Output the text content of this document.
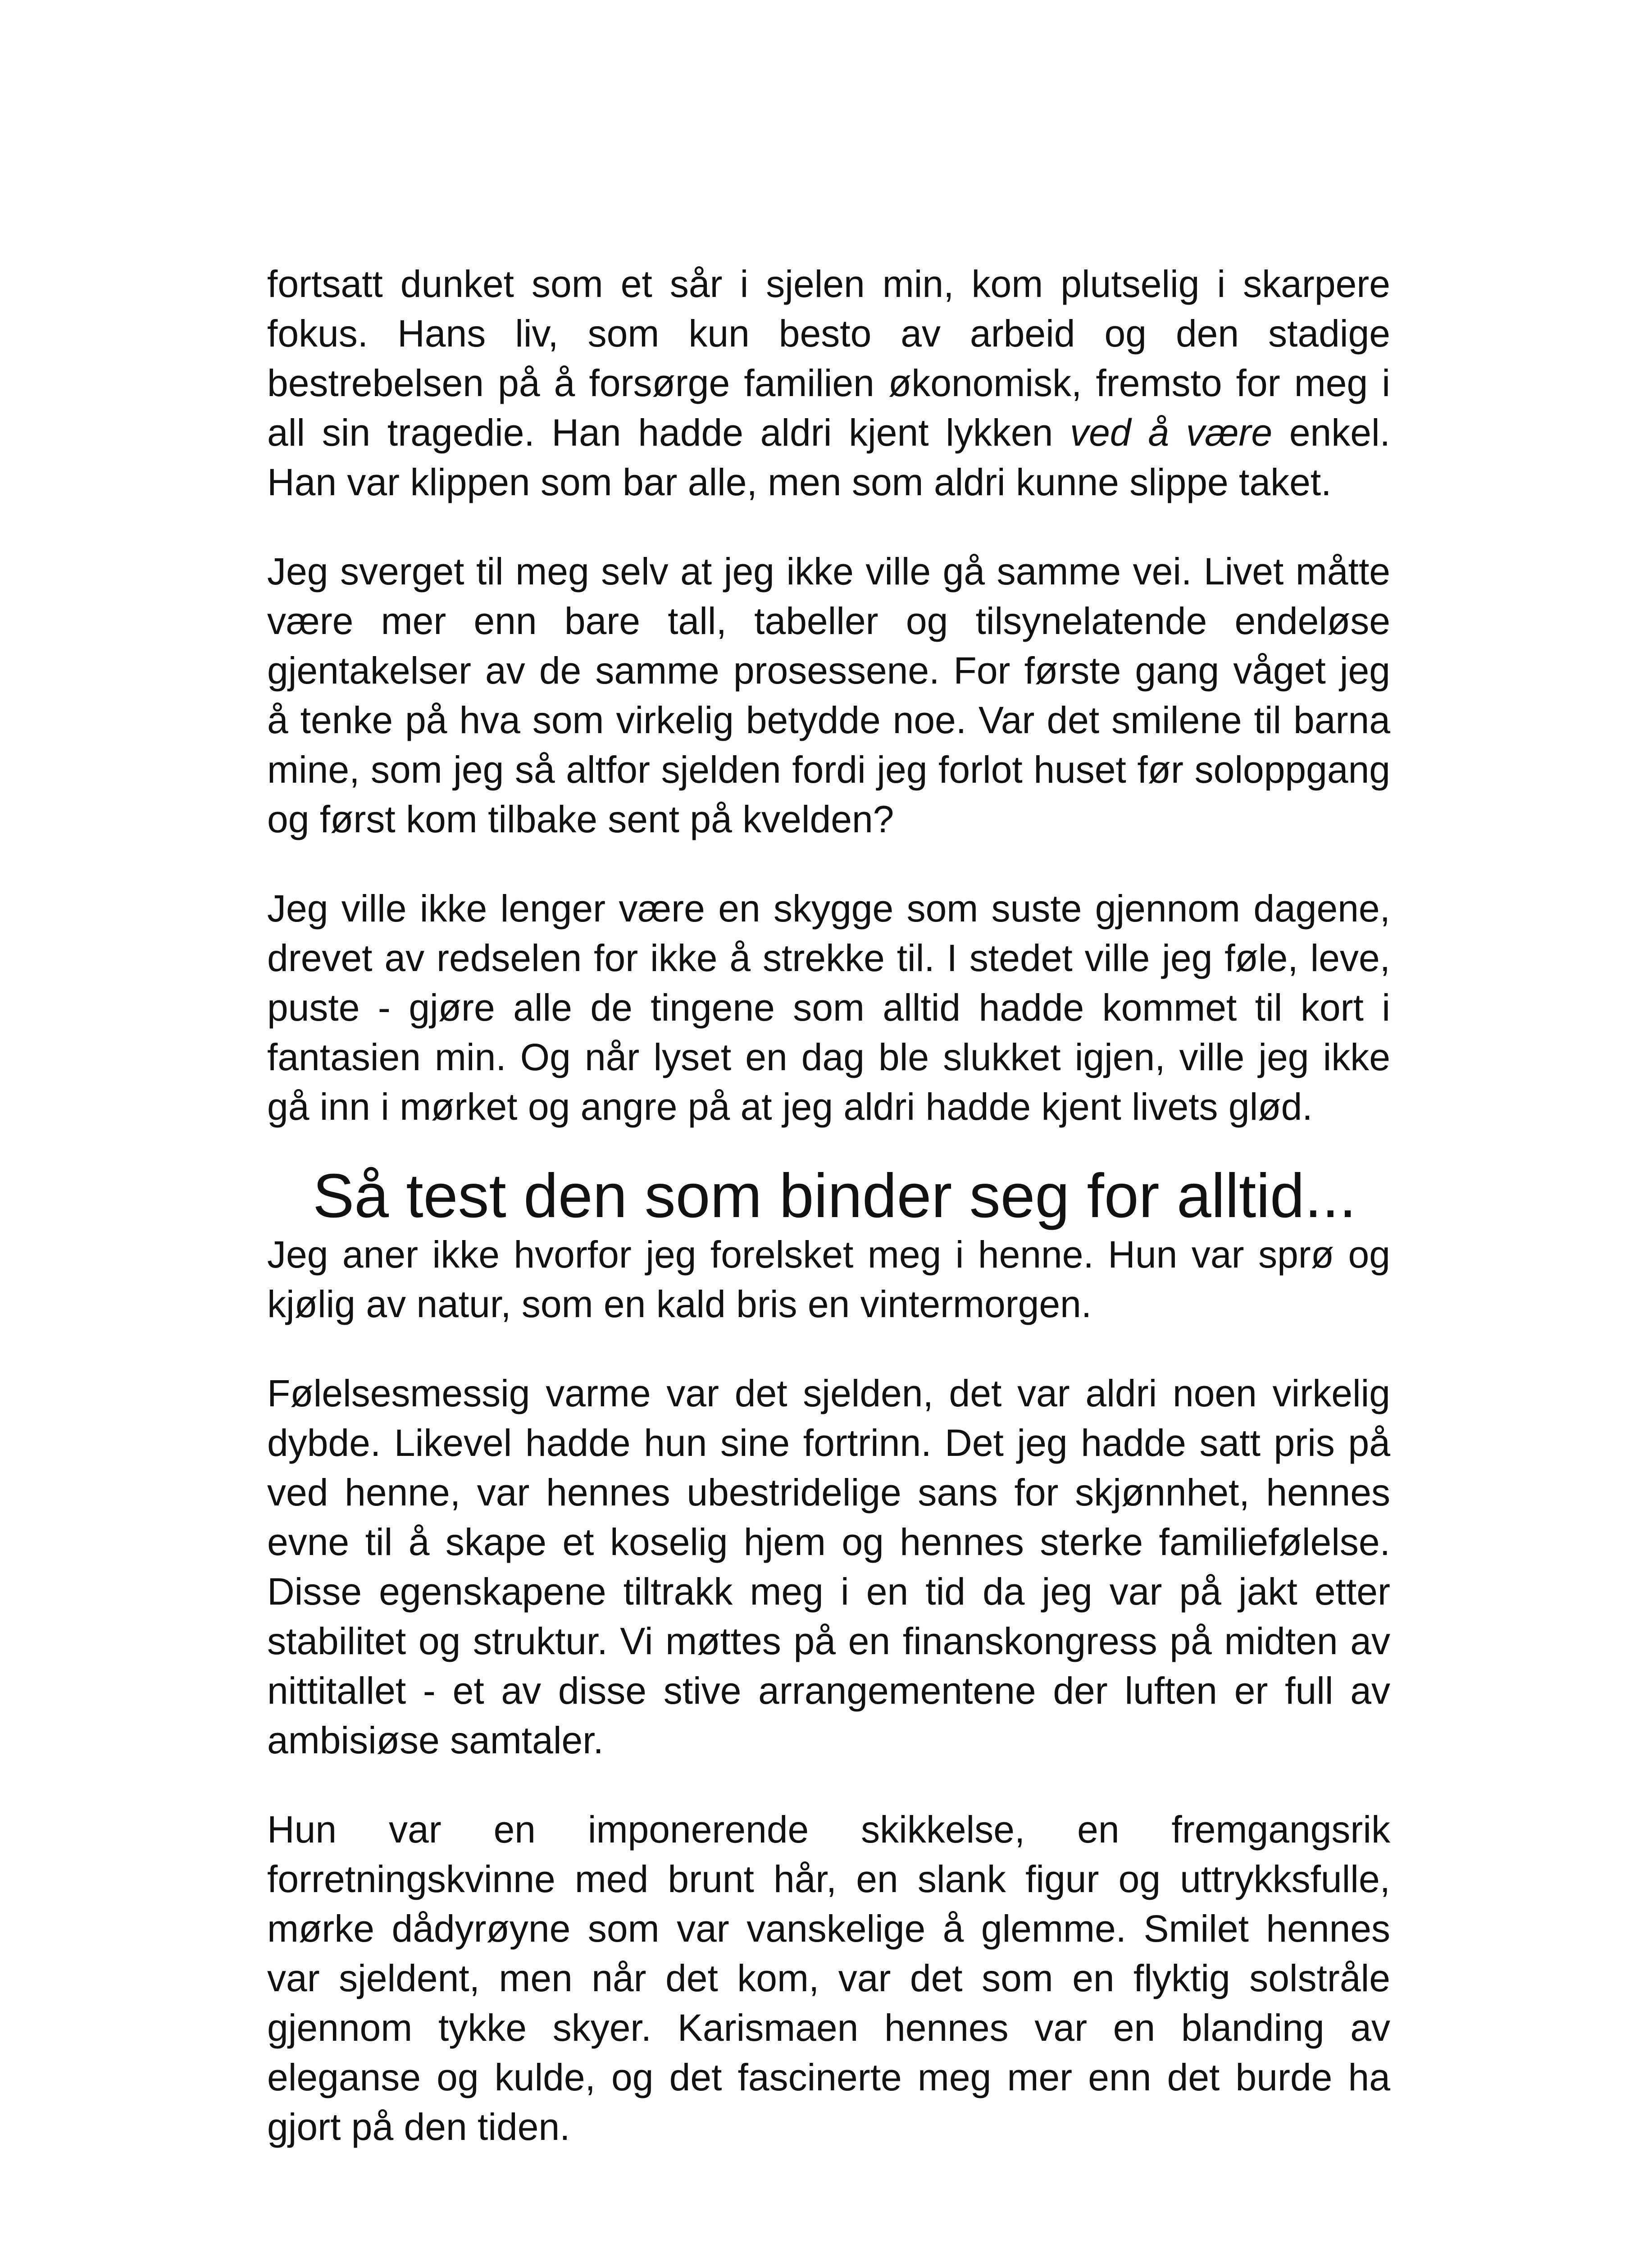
fortsatt dunket som et sår i sjelen min, kom plutselig i skarpere fokus. Hans liv, som kun besto av arbeid og den stadige bestrebelsen på å forsørge familien økonomisk, fremsto for meg i all sin tragedie. Han hadde aldri kjent lykken ved å være enkel. Han var klippen som bar alle, men som aldri kunne slippe taket.

Jeg sverget til meg selv at jeg ikke ville gå samme vei. Livet måtte være mer enn bare tall, tabeller og tilsynelatende endeløse gjentakelser av de samme prosessene. For første gang våget jeg å tenke på hva som virkelig betydde noe. Var det smilene til barna mine, som jeg så altfor sjelden fordi jeg forlot huset før soloppgang og først kom tilbake sent på kvelden?

Jeg ville ikke lenger være en skygge som suste gjennom dagene, drevet av redselen for ikke å strekke til. I stedet ville jeg føle, leve, puste - gjøre alle de tingene som alltid hadde kommet til kort i fantasien min. Og når lyset en dag ble slukket igjen, ville jeg ikke gå inn i mørket og angre på at jeg aldri hadde kjent livets glød.

Så test den som binder seg for alltid...

Jeg aner ikke hvorfor jeg forelsket meg i henne. Hun var sprø og kjølig av natur, som en kald bris en vintermorgen.

Følelsesmessig varme var det sjelden, det var aldri noen virkelig dybde. Likevel hadde hun sine fortrinn. Det jeg hadde satt pris på ved henne, var hennes ubestridelige sans for skjønnhet, hennes evne til å skape et koselig hjem og hennes sterke familiefølelse. Disse egenskapene tiltrakk meg i en tid da jeg var på jakt etter stabilitet og struktur. Vi møttes på en finanskongress på midten av nittitallet - et av disse stive arrangementene der luften er full av ambisiøse samtaler.

Hun var en imponerende skikkelse, en fremgangsrik forretningskvinne med brunt hår, en slank figur og uttrykksfulle, mørke dådyrøyne som var vanskelige å glemme. Smilet hennes var sjeldent, men når det kom, var det som en flyktig solstråle gjennom tykke skyer. Karismaen hennes var en blanding av eleganse og kulde, og det fascinerte meg mer enn det burde ha gjort på den tiden.
